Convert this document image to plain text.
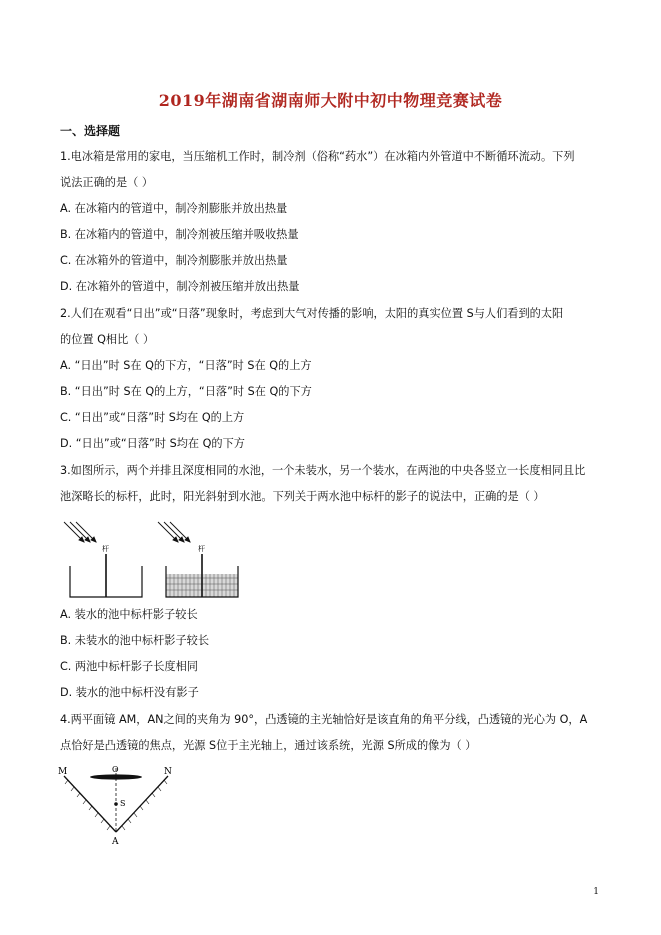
2019年湖南省湖南师大附中初中物理竞赛试卷
一、选择题
1.电冰箱是常用的家电，当压缩机工作时，制冷剂（俗称“药水”）在冰箱内外管道中不断循环流动。下列
说法正确的是（ ）
A. 在冰箱内的管道中，制冷剂膨胀并放出热量
B. 在冰箱内的管道中，制冷剂被压缩并吸收热量
C. 在冰箱外的管道中，制冷剂膨胀并放出热量
D. 在冰箱外的管道中，制冷剂被压缩并放出热量
2.人们在观看“日出”或“日落”现象时，考虑到大气对传播的影响，太阳的真实位置 S与人们看到的太阳
的位置 Q相比（ ）
A. “日出”时 S在 Q的下方，“日落”时 S在 Q的上方
B. “日出”时 S在 Q的上方，“日落”时 S在 Q的下方
C. “日出”或“日落”时 S均在 Q的上方
D. “日出”或“日落”时 S均在 Q的下方
3.如图所示，两个并排且深度相同的水池，一个未装水，另一个装水，在两池的中央各竖立一长度相同且比
池深略长的标杆，此时，阳光斜射到水池。下列关于两水池中标杆的影子的说法中，正确的是（ ）
杆	杆
A. 装水的池中标杆影子较长
B. 未装水的池中标杆影子较长
C. 两池中标杆影子长度相同
D. 装水的池中标杆没有影子
4.两平面镜 AM，AN之间的夹角为 90°，凸透镜的主光轴恰好是该直角的角平分线，凸透镜的光心为 O，A
点恰好是凸透镜的焦点，光源 S位于主光轴上，通过该系统，光源 S所成的像为（ ）
M	O	N
S
A
1
